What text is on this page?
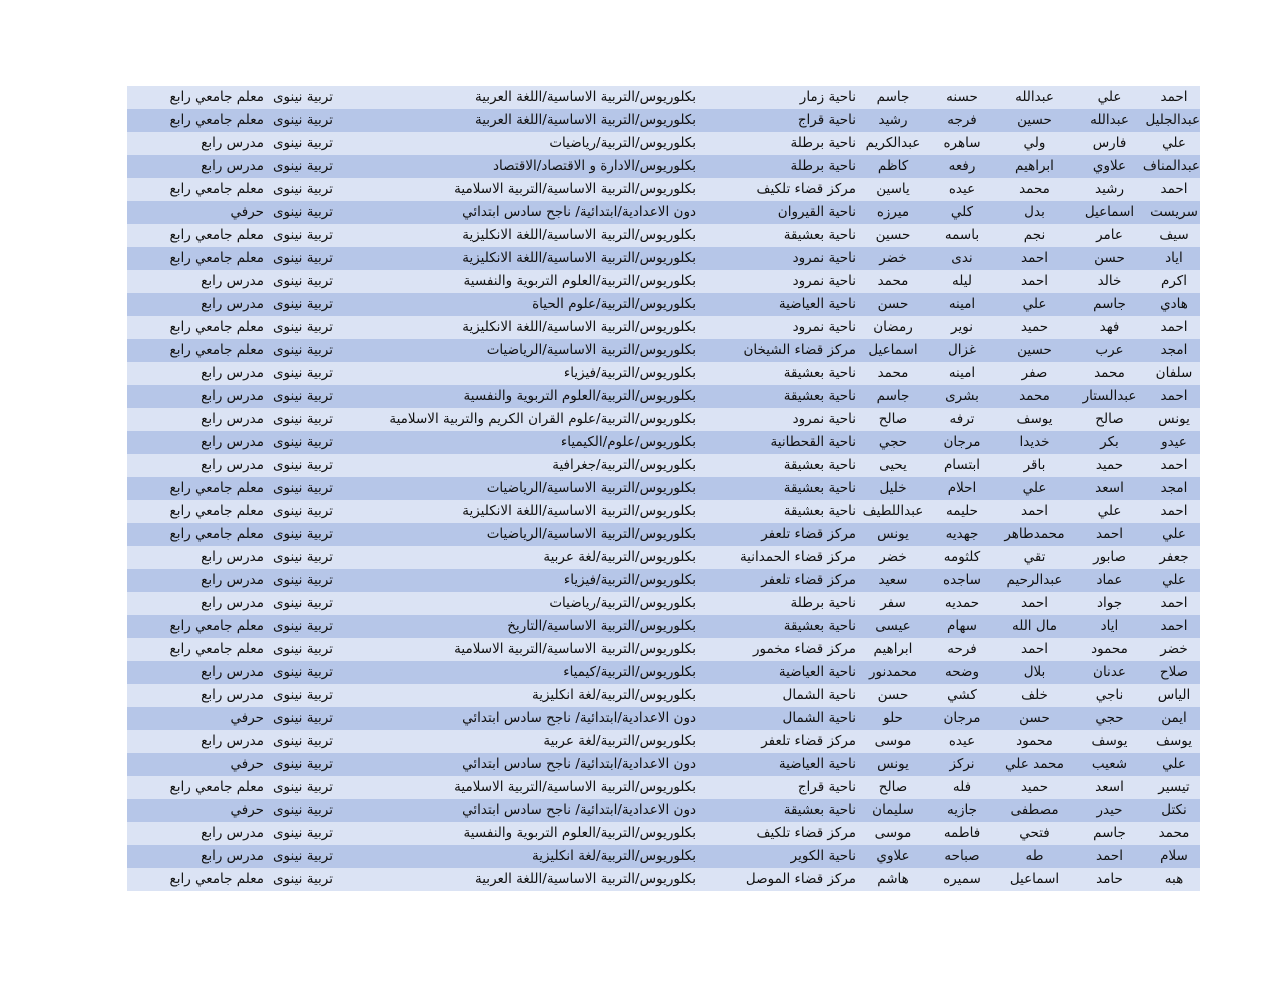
احمد
علي
عبدالله
حسنه
جاسم
ناحية زمار
بكلوريوس/التربية الاساسية/اللغة العربية
تربية نينوى
معلم جامعي رابع
عبدالجليل
عبدالله
حسين
فرجه
رشيد
ناحية قراج
بكلوريوس/التربية الاساسية/اللغة العربية
تربية نينوى
معلم جامعي رابع
علي
فارس
ولي
ساهره
عبدالكريم
ناحية برطلة
بكلوريوس/التربية/رياضيات
تربية نينوى
مدرس رابع
عبدالمناف
علاوي
ابراهيم
رفعه
كاظم
ناحية برطلة
بكلوريوس/الادارة و الاقتصاد/الاقتصاد
تربية نينوى
مدرس رابع
احمد
رشيد
محمد
عيده
ياسين
مركز قضاء تلكيف
بكلوريوس/التربية الاساسية/التربية الاسلامية
تربية نينوى
معلم جامعي رابع
سريست
اسماعيل
بدل
كلي
ميرزه
ناحية القيروان
دون الاعدادية/ابتدائية/ ناجح سادس ابتدائي
تربية نينوى
حرفي
سيف
عامر
نجم
باسمه
حسين
ناحية بعشيقة
بكلوريوس/التربية الاساسية/اللغة الانكليزية
تربية نينوى
معلم جامعي رابع
اياد
حسن
احمد
ندى
خضر
ناحية نمرود
بكلوريوس/التربية الاساسية/اللغة الانكليزية
تربية نينوى
معلم جامعي رابع
اكرم
خالد
احمد
ليله
محمد
ناحية نمرود
بكلوريوس/التربية/العلوم التربوية والنفسية
تربية نينوى
مدرس رابع
هادي
جاسم
علي
امينه
حسن
ناحية العياضية
بكلوريوس/التربية/علوم الحياة
تربية نينوى
مدرس رابع
احمد
فهد
حميد
نوير
رمضان
ناحية نمرود
بكلوريوس/التربية الاساسية/اللغة الانكليزية
تربية نينوى
معلم جامعي رابع
امجد
عرب
حسين
غزال
اسماعيل
مركز قضاء الشيخان
بكلوريوس/التربية الاساسية/الرياضيات
تربية نينوى
معلم جامعي رابع
سلفان
محمد
صفر
امينه
محمد
ناحية بعشيقة
بكلوريوس/التربية/فيزياء
تربية نينوى
مدرس رابع
احمد
عبدالستار
محمد
بشرى
جاسم
ناحية بعشيقة
بكلوريوس/التربية/العلوم التربوية والنفسية
تربية نينوى
مدرس رابع
يونس
صالح
يوسف
ترفه
صالح
ناحية نمرود
بكلوريوس/التربية/علوم القران الكريم والتربية الاسلامية
تربية نينوى
مدرس رابع
عيدو
بكر
خديدا
مرجان
حجي
ناحية القحطانية
بكلوريوس/علوم/الكيمياء
تربية نينوى
مدرس رابع
احمد
حميد
باقر
ابتسام
يحيى
ناحية بعشيقة
بكلوريوس/التربية/جغرافية
تربية نينوى
مدرس رابع
امجد
اسعد
علي
احلام
خليل
ناحية بعشيقة
بكلوريوس/التربية الاساسية/الرياضيات
تربية نينوى
معلم جامعي رابع
احمد
علي
احمد
حليمه
عبداللطيف
ناحية بعشيقة
بكلوريوس/التربية الاساسية/اللغة الانكليزية
تربية نينوى
معلم جامعي رابع
علي
احمد
محمدطاهر
جهديه
يونس
مركز قضاء تلعفر
بكلوريوس/التربية الاساسية/الرياضيات
تربية نينوى
معلم جامعي رابع
جعفر
صابور
تقي
كلثومه
خضر
مركز قضاء الحمدانية
بكلوريوس/التربية/لغة عربية
تربية نينوى
مدرس رابع
علي
عماد
عبدالرحيم
ساجده
سعيد
مركز قضاء تلعفر
بكلوريوس/التربية/فيزياء
تربية نينوى
مدرس رابع
احمد
جواد
احمد
حمديه
سفر
ناحية برطلة
بكلوريوس/التربية/رياضيات
تربية نينوى
مدرس رابع
احمد
اياد
مال الله
سهام
عيسى
ناحية بعشيقة
بكلوريوس/التربية الاساسية/التاريخ
تربية نينوى
معلم جامعي رابع
خضر
محمود
احمد
فرحه
ابراهيم
مركز قضاء مخمور
بكلوريوس/التربية الاساسية/التربية الاسلامية
تربية نينوى
معلم جامعي رابع
صلاح
عدنان
بلال
وضحه
محمدنور
ناحية العياضية
بكلوريوس/التربية/كيمياء
تربية نينوى
مدرس رابع
الياس
ناجي
خلف
كشي
حسن
ناحية الشمال
بكلوريوس/التربية/لغة انكليزية
تربية نينوى
مدرس رابع
ايمن
حجي
حسن
مرجان
حلو
ناحية الشمال
دون الاعدادية/ابتدائية/ ناجح سادس ابتدائي
تربية نينوى
حرفي
يوسف
يوسف
محمود
عيده
موسى
مركز قضاء تلعفر
بكلوريوس/التربية/لغة عربية
تربية نينوى
مدرس رابع
علي
شعيب
محمد علي
نركز
يونس
ناحية العياضية
دون الاعدادية/ابتدائية/ ناجح سادس ابتدائي
تربية نينوى
حرفي
تيسير
اسعد
حميد
فله
صالح
ناحية قراج
بكلوريوس/التربية الاساسية/التربية الاسلامية
تربية نينوى
معلم جامعي رابع
نكتل
حيدر
مصطفى
جازيه
سليمان
ناحية بعشيقة
دون الاعدادية/ابتدائية/ ناجح سادس ابتدائي
تربية نينوى
حرفي
محمد
جاسم
فتحي
فاطمه
موسى
مركز قضاء تلكيف
بكلوريوس/التربية/العلوم التربوية والنفسية
تربية نينوى
مدرس رابع
سلام
احمد
طه
صباحه
علاوي
ناحية الكوير
بكلوريوس/التربية/لغة انكليزية
تربية نينوى
مدرس رابع
هبه
حامد
اسماعيل
سميره
هاشم
مركز قضاء الموصل
بكلوريوس/التربية الاساسية/اللغة العربية
تربية نينوى
معلم جامعي رابع
